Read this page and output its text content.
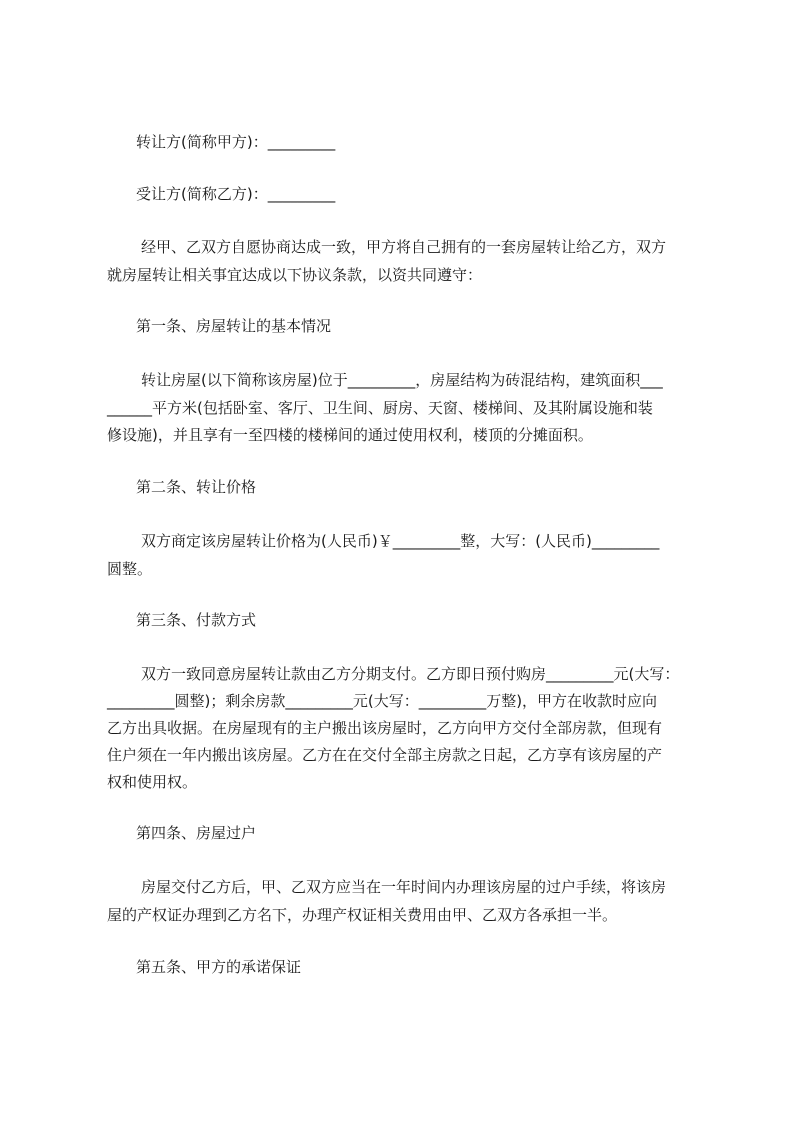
转让方(简称甲方)：_________
受让方(简称乙方)：_________
经甲、乙双方自愿协商达成一致，甲方将自己拥有的一套房屋转让给乙方，双方
就房屋转让相关事宜达成以下协议条款，以资共同遵守：
第一条、房屋转让的基本情况
转让房屋(以下简称该房屋)位于_________，房屋结构为砖混结构，建筑面积___
______平方米(包括卧室、客厅、卫生间、厨房、天窗、楼梯间、及其附属设施和装
修设施)，并且享有一至四楼的楼梯间的通过使用权利，楼顶的分摊面积。
第二条、转让价格
双方商定该房屋转让价格为(人民币)￥_________整，大写：(人民币)_________
圆整。
第三条、付款方式
双方一致同意房屋转让款由乙方分期支付。乙方即日预付购房_________元(大写：
_________圆整)；剩余房款_________元(大写：_________万整)，甲方在收款时应向
乙方出具收据。在房屋现有的主户搬出该房屋时，乙方向甲方交付全部房款，但现有
住户须在一年内搬出该房屋。乙方在在交付全部主房款之日起，乙方享有该房屋的产
权和使用权。
第四条、房屋过户
房屋交付乙方后，甲、乙双方应当在一年时间内办理该房屋的过户手续，将该房
屋的产权证办理到乙方名下，办理产权证相关费用由甲、乙双方各承担一半。
第五条、甲方的承诺保证
